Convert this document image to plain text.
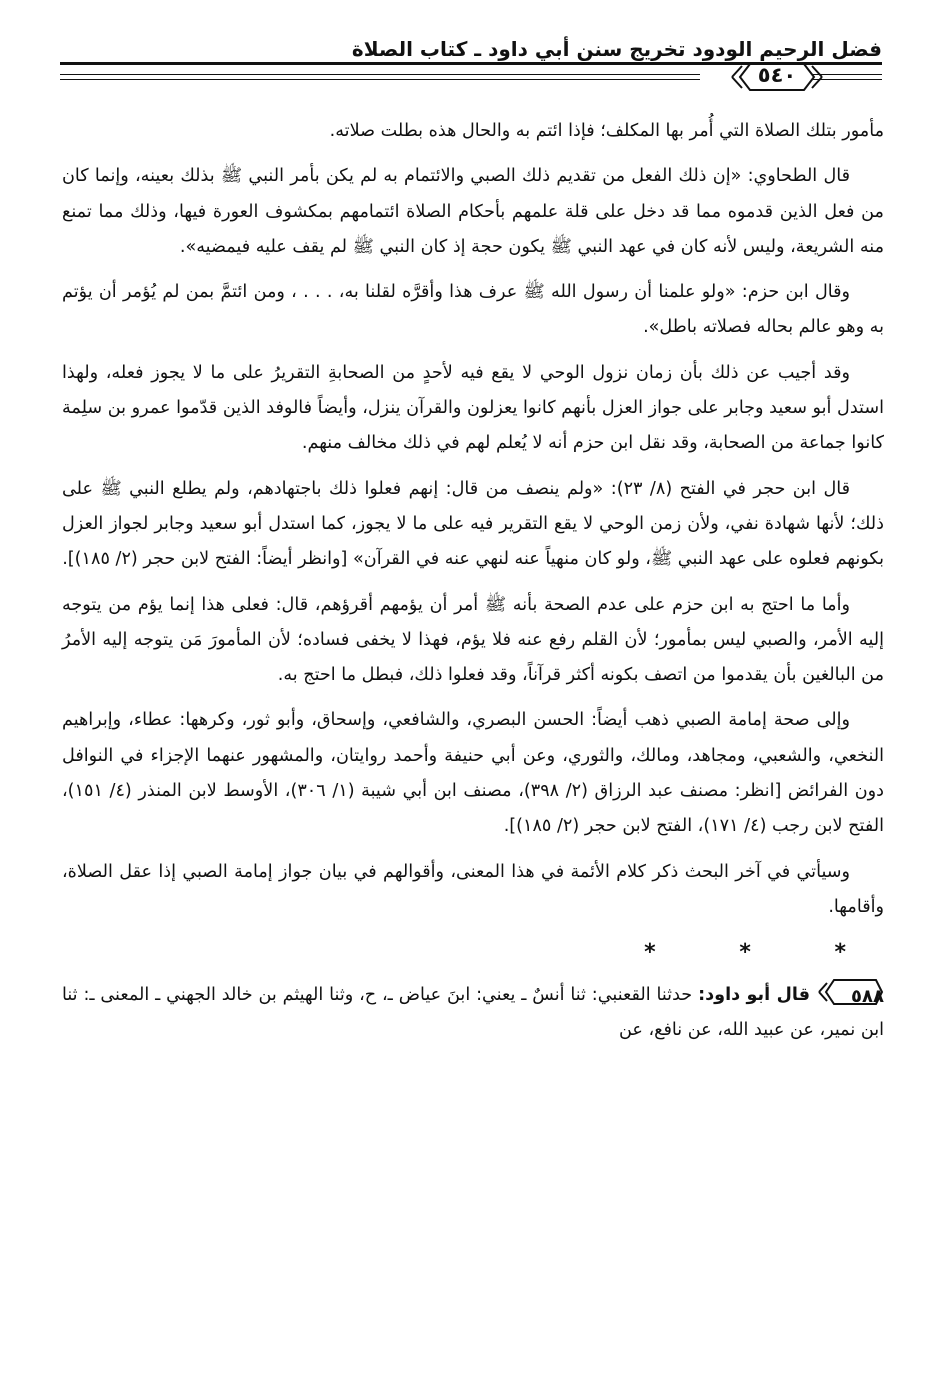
فضل الرحيم الودود تخريج سنن أبي داود ـ كتاب الصلاة
٥٤٠

مأمور بتلك الصلاة التي أُمر بها المكلف؛ فإذا ائتم به والحال هذه بطلت صلاته.

قال الطحاوي: «إن ذلك الفعل من تقديم ذلك الصبي والائتمام به لم يكن بأمر النبي ﷺ بذلك بعينه، وإنما كان من فعل الذين قدموه مما قد دخل على قلة علمهم بأحكام الصلاة ائتمامهم بمكشوف العورة فيها، وذلك مما تمنع منه الشريعة، وليس لأنه كان في عهد النبي ﷺ يكون حجة إذ كان النبي ﷺ لم يقف عليه فيمضيه».

وقال ابن حزم: «ولو علمنا أن رسول الله ﷺ عرف هذا وأقرَّه لقلنا به، . . . ، ومن ائتمَّ بمن لم يُؤمر أن يؤتم به وهو عالم بحاله فصلاته باطل».

وقد أجيب عن ذلك بأن زمان نزول الوحي لا يقع فيه لأحدٍ من الصحابةِ التقريرُ على ما لا يجوز فعله، ولهذا استدل أبو سعيد وجابر على جواز العزل بأنهم كانوا يعزلون والقرآن ينزل، وأيضاً فالوفد الذين قدّموا عمرو بن سلِمة كانوا جماعة من الصحابة، وقد نقل ابن حزم أنه لا يُعلم لهم في ذلك مخالف منهم.

قال ابن حجر في الفتح (٨/ ٢٣): «ولم ينصف من قال: إنهم فعلوا ذلك باجتهادهم، ولم يطلع النبي ﷺ على ذلك؛ لأنها شهادة نفي، ولأن زمن الوحي لا يقع التقرير فيه على ما لا يجوز، كما استدل أبو سعيد وجابر لجواز العزل بكونهم فعلوه على عهد النبي ﷺ، ولو كان منهياً عنه لنهي عنه في القرآن» [وانظر أيضاً: الفتح لابن حجر (٢/ ١٨٥)].

وأما ما احتج به ابن حزم على عدم الصحة بأنه ﷺ أمر أن يؤمهم أقرؤهم، قال: فعلى هذا إنما يؤم من يتوجه إليه الأمر، والصبي ليس بمأمور؛ لأن القلم رفع عنه فلا يؤم، فهذا لا يخفى فساده؛ لأن المأمورَ مَن يتوجه إليه الأمرُ من البالغين بأن يقدموا من اتصف بكونه أكثر قرآناً، وقد فعلوا ذلك، فبطل ما احتج به.

وإلى صحة إمامة الصبي ذهب أيضاً: الحسن البصري، والشافعي، وإسحاق، وأبو ثور، وكرهها: عطاء، وإبراهيم النخعي، والشعبي، ومجاهد، ومالك، والثوري، وعن أبي حنيفة وأحمد روايتان، والمشهور عنهما الإجزاء في النوافل دون الفرائض [انظر: مصنف عبد الرزاق (٢/ ٣٩٨)، مصنف ابن أبي شيبة (١/ ٣٠٦)، الأوسط لابن المنذر (٤/ ١٥١)، الفتح لابن رجب (٤/ ١٧١)، الفتح لابن حجر (٢/ ١٨٥)].

وسيأتي في آخر البحث ذكر كلام الأئمة في هذا المعنى، وأقوالهم في بيان جواز إمامة الصبي إذا عقل الصلاة، وأقامها.

* * *

٥٨٨
قال أبو داود: حدثنا القعنبي: ثنا أنسٌ ـ يعني: ابنَ عياض ـ، ح، وثنا الهيثم بن خالد الجهني ـ المعنى ـ: ثنا ابن نمير، عن عبيد الله، عن نافع، عن
